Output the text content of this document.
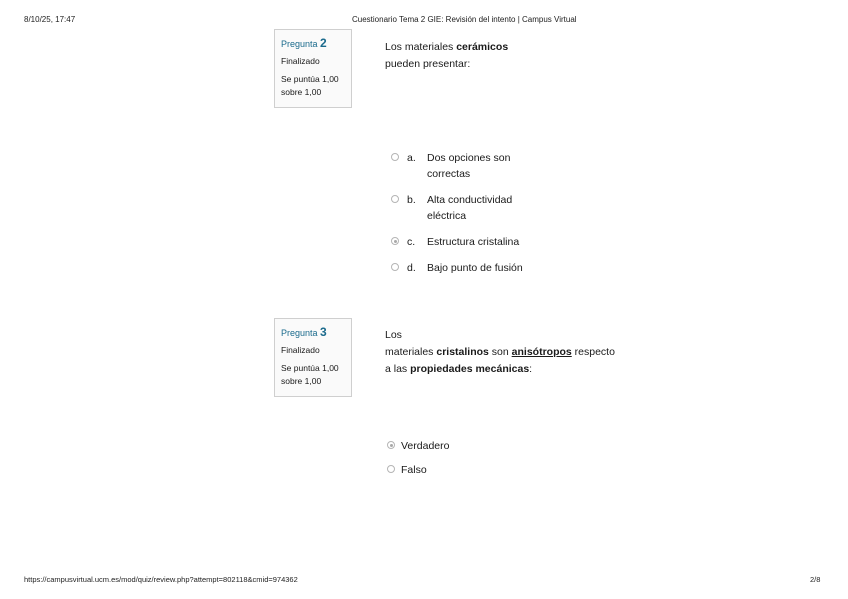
8/10/25, 17:47	Cuestionario Tema 2 GIE: Revisión del intento | Campus Virtual
Pregunta 2
Finalizado
Se puntúa 1,00 sobre 1,00
Los materiales cerámicos
pueden presentar:
a.	Dos opciones son correctas
b.	Alta conductividad eléctrica
c.	Estructura cristalina
d.	Bajo punto de fusión
Pregunta 3
Finalizado
Se puntúa 1,00 sobre 1,00
Los
materiales cristalinos son anisótropos respecto
a las propiedades mecánicas:
Verdadero
Falso
https://campusvirtual.ucm.es/mod/quiz/review.php?attempt=802118&cmid=974362	2/8
